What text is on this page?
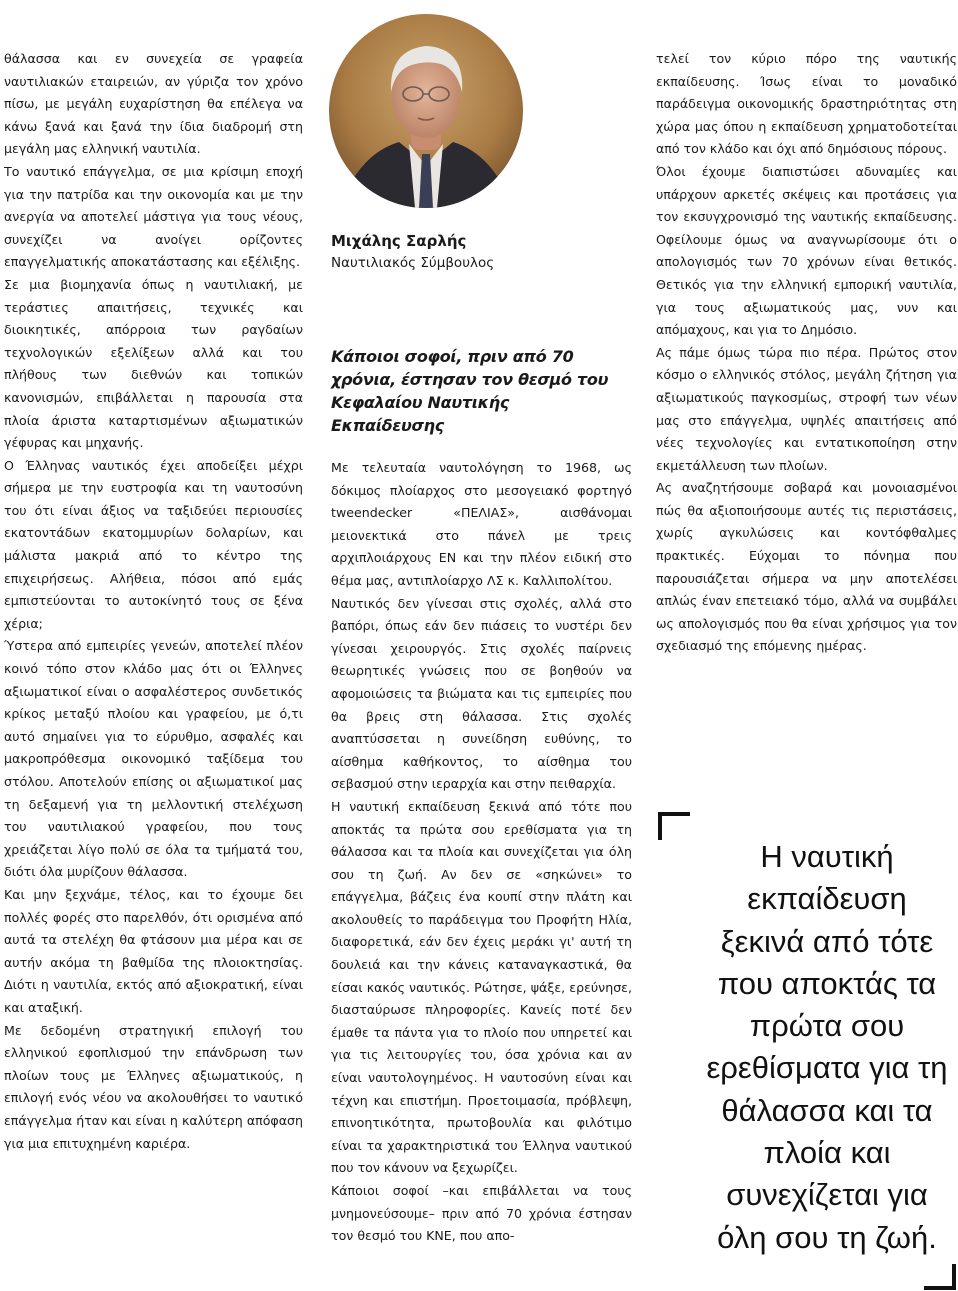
θάλασσα και εν συνεχεία σε γραφεία ναυτιλιακών εταιρειών, αν γύριζα τον χρόνο πίσω, με μεγάλη ευχαρίστηση θα επέλεγα να κάνω ξανά και ξανά την ίδια διαδρομή στη μεγάλη μας ελληνική ναυτιλία.

Το ναυτικό επάγγελμα, σε μια κρίσιμη εποχή για την πατρίδα και την οικονομία και με την ανεργία να αποτελεί μάστιγα για τους νέους, συνεχίζει να ανοίγει ορίζοντες επαγγελματικής αποκατάστασης και εξέλιξης.

Σε μια βιομηχανία όπως η ναυτιλιακή, με τεράστιες απαιτήσεις, τεχνικές και διοικητικές, απόρροια των ραγδαίων τεχνολογικών εξελίξεων αλλά και του πλήθους των διεθνών και τοπικών κανονισμών, επιβάλλεται η παρουσία στα πλοία άριστα καταρτισμένων αξιωματικών γέφυρας και μηχανής.

Ο Έλληνας ναυτικός έχει αποδείξει μέχρι σήμερα με την ευστροφία και τη ναυτοσύνη του ότι είναι άξιος να ταξιδεύει περιουσίες εκατοντάδων εκατομμυρίων δολαρίων, και μάλιστα μακριά από το κέντρο της επιχειρήσεως. Αλήθεια, πόσοι από εμάς εμπιστεύονται το αυτοκίνητό τους σε ξένα χέρια;

Ύστερα από εμπειρίες γενεών, αποτελεί πλέον κοινό τόπο στον κλάδο μας ότι οι Έλληνες αξιωματικοί είναι ο ασφαλέστερος συνδετικός κρίκος μεταξύ πλοίου και γραφείου, με ό,τι αυτό σημαίνει για το εύρυθμο, ασφαλές και μακροπρόθεσμα οικονομικό ταξίδεμα του στόλου. Αποτελούν επίσης οι αξιωματικοί μας τη δεξαμενή για τη μελλοντική στελέχωση του ναυτιλιακού γραφείου, που τους χρειάζεται λίγο πολύ σε όλα τα τμήματά του, διότι όλα μυρίζουν θάλασσα.

Και μην ξεχνάμε, τέλος, και το έχουμε δει πολλές φορές στο παρελθόν, ότι ορισμένα από αυτά τα στελέχη θα φτάσουν μια μέρα και σε αυτήν ακόμα τη βαθμίδα της πλοιοκτησίας. Διότι η ναυτιλία, εκτός από αξιοκρατική, είναι και αταξική.

Με δεδομένη στρατηγική επιλογή του ελληνικού εφοπλισμού την επάνδρωση των πλοίων τους με Έλληνες αξιωματικούς, η επιλογή ενός νέου να ακολουθήσει το ναυτικό επάγγελμα ήταν και είναι η καλύτερη απόφαση για μια επιτυχημένη καριέρα.

Μιχάλης Σαρλής
Ναυτιλιακός Σύμβουλος
Κάποιοι σοφοί, πριν από 70 χρόνια, έστησαν τον θεσμό του Κεφαλαίου Ναυτικής Εκπαίδευσης

Με τελευταία ναυτολόγηση το 1968, ως δόκιμος πλοίαρχος στο μεσογειακό φορτηγό tweendecker «ΠΕΛΙΑΣ», αισθάνομαι μειονεκτικά στο πάνελ με τρεις αρχιπλοιάρχους ΕΝ και την πλέον ειδική στο θέμα μας, αντιπλοίαρχο ΛΣ κ. Καλλιπολίτου.

Ναυτικός δεν γίνεσαι στις σχολές, αλλά στο βαπόρι, όπως εάν δεν πιάσεις το νυστέρι δεν γίνεσαι χειρουργός. Στις σχολές παίρνεις θεωρητικές γνώσεις που σε βοηθούν να αφομοιώσεις τα βιώματα και τις εμπειρίες που θα βρεις στη θάλασσα. Στις σχολές αναπτύσσεται η συνείδηση ευθύνης, το αίσθημα καθήκοντος, το αίσθημα του σεβασμού στην ιεραρχία και στην πειθαρχία.

Η ναυτική εκπαίδευση ξεκινά από τότε που αποκτάς τα πρώτα σου ερεθίσματα για τη θάλασσα και τα πλοία και συνεχίζεται για όλη σου τη ζωή. Αν δεν σε «σηκώνει» το επάγγελμα, βάζεις ένα κουπί στην πλάτη και ακολουθείς το παράδειγμα του Προφήτη Ηλία, διαφορετικά, εάν δεν έχεις μεράκι γι' αυτή τη δουλειά και την κάνεις καταναγκαστικά, θα είσαι κακός ναυτικός. Ρώτησε, ψάξε, ερεύνησε, διασταύρωσε πληροφορίες. Κανείς ποτέ δεν έμαθε τα πάντα για το πλοίο που υπηρετεί και για τις λειτουργίες του, όσα χρόνια και αν είναι ναυτολογημένος. Η ναυτοσύνη είναι και τέχνη και επιστήμη. Προετοιμασία, πρόβλεψη, επινοητικότητα, πρωτοβουλία και φιλότιμο είναι τα χαρακτηριστικά του Έλληνα ναυτικού που τον κάνουν να ξεχωρίζει.

Κάποιοι σοφοί –και επιβάλλεται να τους μνημονεύσουμε– πριν από 70 χρόνια έστησαν τον θεσμό του ΚΝΕ, που απο-

τελεί τον κύριο πόρο της ναυτικής εκπαίδευσης. Ίσως είναι το μοναδικό παράδειγμα οικονομικής δραστηριότητας στη χώρα μας όπου η εκπαίδευση χρηματοδοτείται από τον κλάδο και όχι από δημόσιους πόρους.

Όλοι έχουμε διαπιστώσει αδυναμίες και υπάρχουν αρκετές σκέψεις και προτάσεις για τον εκσυγχρονισμό της ναυτικής εκπαίδευσης. Οφείλουμε όμως να αναγνωρίσουμε ότι ο απολογισμός των 70 χρόνων είναι θετικός. Θετικός για την ελληνική εμπορική ναυτιλία, για τους αξιωματικούς μας, νυν και απόμαχους, και για το Δημόσιο.

Ας πάμε όμως τώρα πιο πέρα. Πρώτος στον κόσμο ο ελληνικός στόλος, μεγάλη ζήτηση για αξιωματικούς παγκοσμίως, στροφή των νέων μας στο επάγγελμα, υψηλές απαιτήσεις από νέες τεχνολογίες και εντατικοποίηση στην εκμετάλλευση των πλοίων.

Ας αναζητήσουμε σοβαρά και μονοιασμένοι πώς θα αξιοποιήσουμε αυτές τις περιστάσεις, χωρίς αγκυλώσεις και κοντόφθαλμες πρακτικές. Εύχομαι το πόνημα που παρουσιάζεται σήμερα να μην αποτελέσει απλώς έναν επετειακό τόμο, αλλά να συμβάλει ως απολογισμός που θα είναι χρήσιμος για τον σχεδιασμό της επόμενης ημέρας.

Η ναυτική εκπαίδευση ξεκινά από τότε που αποκτάς τα πρώτα σου ερεθίσματα για τη θάλασσα και τα πλοία και συνεχίζεται για όλη σου τη ζωή.
